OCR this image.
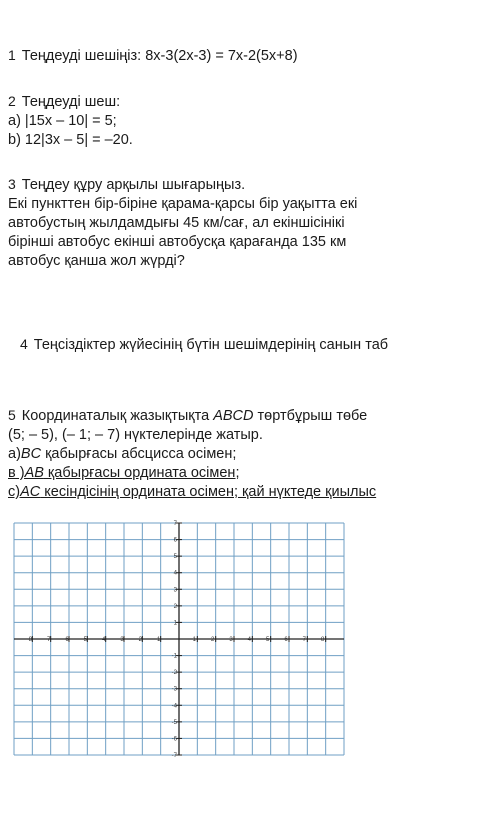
1 Теңдеуді шешіңіз: 8x-3(2x-3) = 7x-2(5x+8)
2 Теңдеуді шеш:
a) |15x – 10| = 5;
b) 12|3x – 5| = –20.
3 Теңдеу құру арқылы шығарыңыз.
Екі пункттен бір-біріне қарама-қарсы бір уақытта екі
автобустың жылдамдығы 45 км/сағ, ал екіншісінікі
бірінші автобус екінші автобусқа қарағанда 135 км
автобус қанша жол жүрді?
4 Теңсіздіктер жүйесінің бүтін шешімдерінің санын таб
5 Координаталық жазықтықта ABCD төртбұрыш төбе
(5; – 5), (– 1; – 7) нүктелерінде жатыр.
a)BC қабырғасы абсцисса осімен;
в )AB қабырғасы ордината осімен;
с)AC кесіндісінің ордината осімен; қай нүктеде қиылыс
-8 -7 -6 -5 -4 -3 -2 -1	1 2 3 4 5 6 7 8
7
6
5
4
3
2
1
-1
-2
-3
-4
-5
-6
-7
